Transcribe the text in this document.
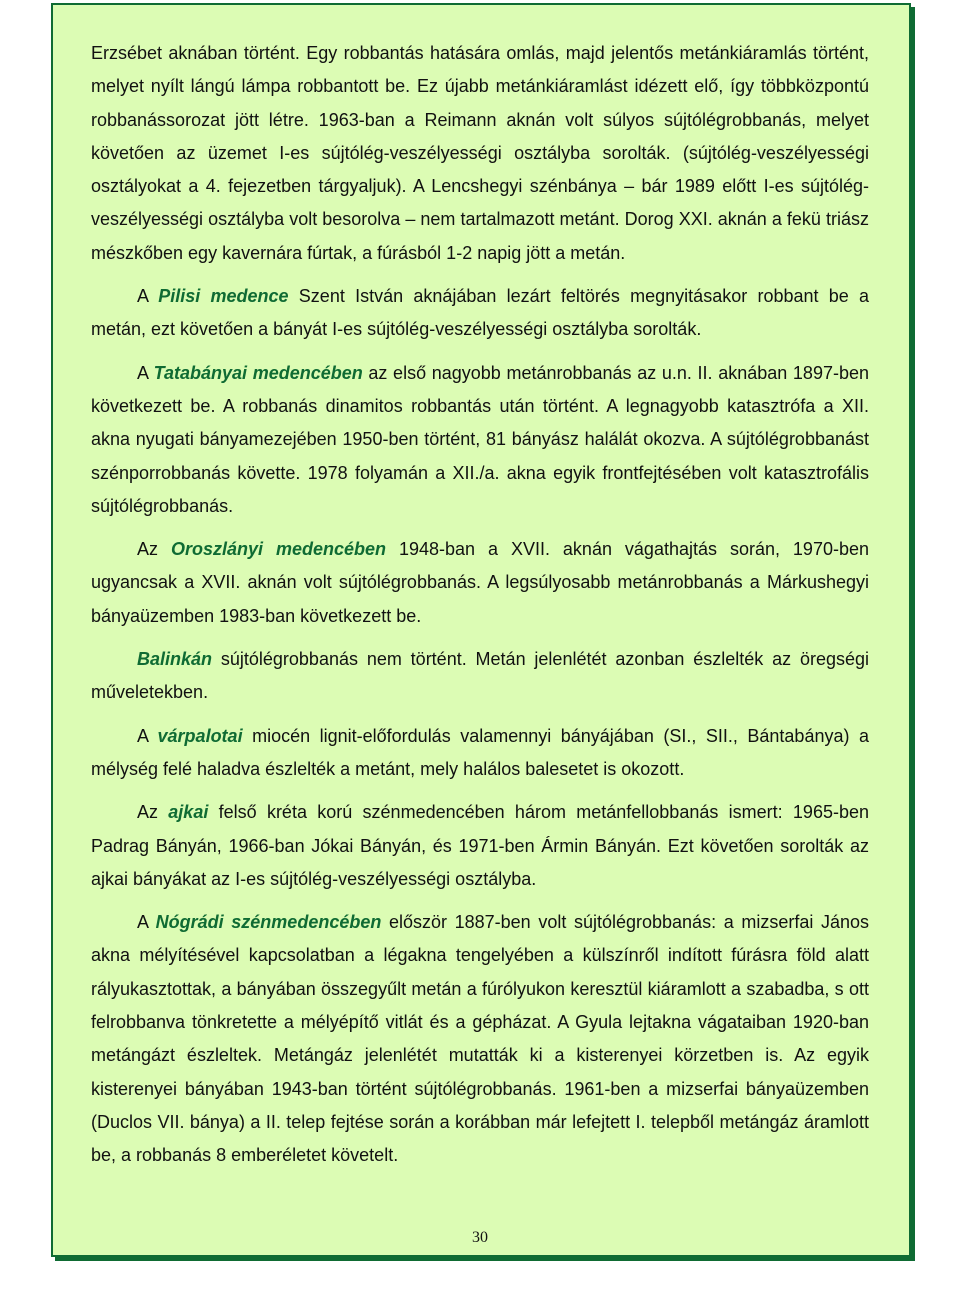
Erzsébet aknában történt. Egy robbantás hatására omlás, majd jelentős metánkiáramlás történt, melyet nyílt lángú lámpa robbantott be. Ez újabb metánkiáramlást idézett elő, így többközpontú robbanássorozat jött létre. 1963-ban a Reimann aknán volt súlyos sújtólégrobbanás, melyet követően az üzemet I-es sújtólég-veszélyességi osztályba sorolták. (sújtólég-veszélyességi osztályokat a 4. fejezetben tárgyaljuk). A Lencshegyi szénbánya – bár 1989 előtt I-es sújtólég-veszélyességi osztályba volt besorolva – nem tartalmazott metánt. Dorog XXI. aknán a fekü triász mészkőben egy kavernára fúrtak, a fúrásból 1-2 napig jött a metán.

A Pilisi medence Szent István aknájában lezárt feltörés megnyitásakor robbant be a metán, ezt követően a bányát I-es sújtólég-veszélyességi osztályba sorolták.

A Tatabányai medencében az első nagyobb metánrobbanás az u.n. II. aknában 1897-ben következett be. A robbanás dinamitos robbantás után történt. A legnagyobb katasztrófa a XII. akna nyugati bányamezejében 1950-ben történt, 81 bányász halálát okozva. A sújtólégrobbanást szénporrobbanás követte. 1978 folyamán a XII./a. akna egyik frontfejtésében volt katasztrofális sújtólégrobbanás.

Az Oroszlányi medencében 1948-ban a XVII. aknán vágathajtás során, 1970-ben ugyancsak a XVII. aknán volt sújtólégrobbanás. A legsúlyosabb metánrobbanás a Márkushegyi bányaüzemben 1983-ban következett be.

Balinkán sújtólégrobbanás nem történt. Metán jelenlétét azonban észlelték az öregségi műveletekben.

A várpalotai miocén lignit-előfordulás valamennyi bányájában (SI., SII., Bántabánya) a mélység felé haladva észlelték a metánt, mely halálos balesetet is okozott.

Az ajkai felső kréta korú szénmedencében három metánfellobbanás ismert: 1965-ben Padrag Bányán, 1966-ban Jókai Bányán, és 1971-ben Ármin Bányán. Ezt követően sorolták az ajkai bányákat az I-es sújtólég-veszélyességi osztályba.

A Nógrádi szénmedencében először 1887-ben volt sújtólégrobbanás: a mizserfai János akna mélyítésével kapcsolatban a légakna tengelyében a külszínről indított fúrásra föld alatt rályukasztottak, a bányában összegyűlt metán a fúrólyukon keresztül kiáramlott a szabadba, s ott felrobbanva tönkretette a mélyépítő vitlát és a gépházat. A Gyula lejtakna vágataiban 1920-ban metángázt észleltek. Metángáz jelenlétét mutatták ki a kisterenyei körzetben is. Az egyik kisterenyei bányában 1943-ban történt sújtólégrobbanás. 1961-ben a mizserfai bányaüzemben (Duclos VII. bánya) a II. telep fejtése során a korábban már lefejtett I. telepből metángáz áramlott be, a robbanás 8 emberéletet követelt.

30
